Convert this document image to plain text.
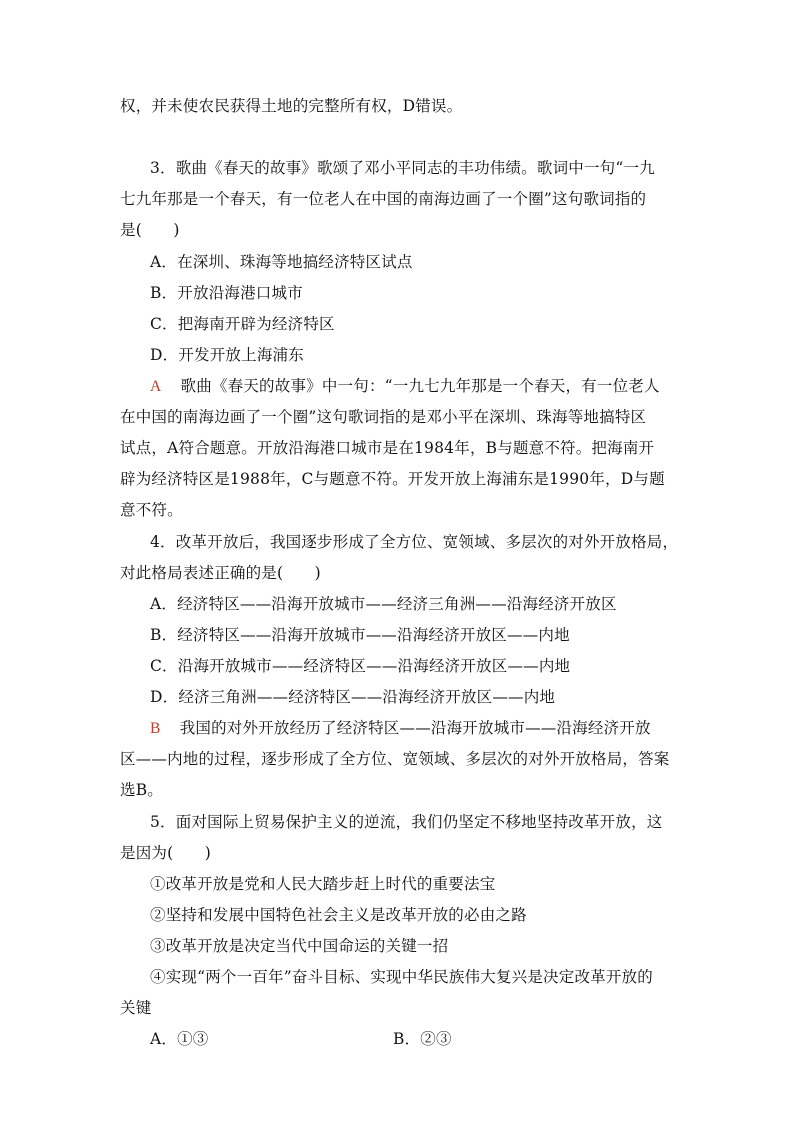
权，并未使农民获得土地的完整所有权，D错误。
3．歌曲《春天的故事》歌颂了邓小平同志的丰功伟绩。歌词中一句“一九
七九年那是一个春天，有一位老人在中国的南海边画了一个圈”这句歌词指的
是(　　)
A．在深圳、珠海等地搞经济特区试点
B．开放沿海港口城市
C．把海南开辟为经济特区
D．开发开放上海浦东
A 歌曲《春天的故事》中一句：“一九七九年那是一个春天，有一位老人
在中国的南海边画了一个圈”这句歌词指的是邓小平在深圳、珠海等地搞特区
试点，A符合题意。开放沿海港口城市是在1984年，B与题意不符。把海南开
辟为经济特区是1988年，C与题意不符。开发开放上海浦东是1990年，D与题
意不符。
4．改革开放后，我国逐步形成了全方位、宽领域、多层次的对外开放格局，
对此格局表述正确的是(　　)
A．经济特区——沿海开放城市——经济三角洲——沿海经济开放区
B．经济特区——沿海开放城市——沿海经济开放区——内地
C．沿海开放城市——经济特区——沿海经济开放区——内地
D．经济三角洲——经济特区——沿海经济开放区——内地
B 我国的对外开放经历了经济特区——沿海开放城市——沿海经济开放
区——内地的过程，逐步形成了全方位、宽领域、多层次的对外开放格局，答案
选B。
5．面对国际上贸易保护主义的逆流，我们仍坚定不移地坚持改革开放，这
是因为(　　)
①改革开放是党和人民大踏步赶上时代的重要法宝
②坚持和发展中国特色社会主义是改革开放的必由之路
③改革开放是决定当代中国命运的关键一招
④实现“两个一百年”奋斗目标、实现中华民族伟大复兴是决定改革开放的
关键
A．①③	B．②③
